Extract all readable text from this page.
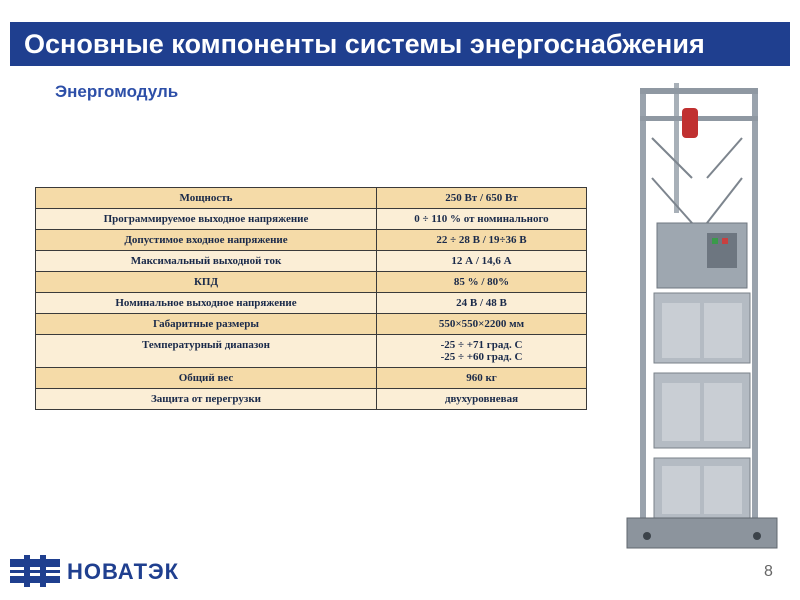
Основные компоненты системы энергоснабжения
Энергомодуль
Мощность	250 Вт / 650 Вт

Программируемое выходное напряжение	0 ÷ 110 % от номинального

Допустимое входное напряжение	22 ÷ 28 В / 19÷36 В

Максимальный выходной ток	12 А / 14,6 А

КПД	85 % / 80%

Номинальное выходное напряжение	24 В / 48 В

Габаритные размеры	550×550×2200 мм

Температурный диапазон	-25 ÷ +71 град. С
-25 ÷ +60 град. С

Общий вес	960 кг

Защита от перегрузки	двухуровневая
НОВАТЭК	8
